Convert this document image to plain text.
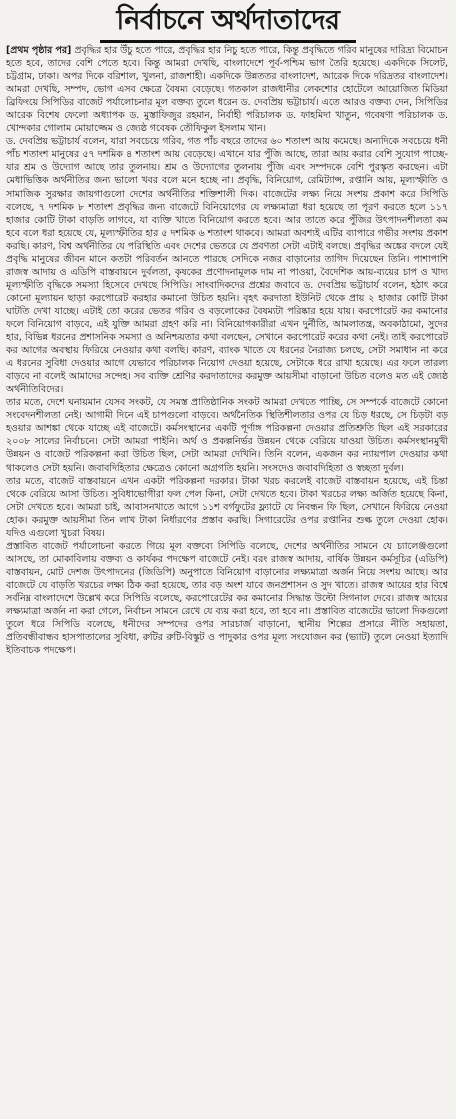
নির্বাচনে অর্থদাতাদের

[প্রথম পৃষ্ঠার পর] প্রবৃদ্ধির হার উঁচু হতে পারে, প্রবৃদ্ধির হার নিচু হতে পারে, কিন্তু প্রবৃদ্ধিতে গরিব মানুষের দারিদ্র্য বিমোচন হতে হবে, তাদের বেশি পেতে হবে। কিন্তু আমরা দেখছি, বাংলাদেশে পূর্ব-পশ্চিম ভাগ তৈরি হয়েছে। একদিকে সিলেট, চট্টগ্রাম, ঢাকা। অপর দিকে বরিশাল, খুলনা, রাজশাহী। একদিকে উন্নততর বাংলাদেশ, আরেক দিকে দরিদ্রতর বাংলাদেশ। আমরা দেখছি, সম্পদ, ভোগ এসব ক্ষেত্রে বৈষম্য বেড়েছে। গতকাল রাজধানীর লেকশোর হোটেলে আয়োজিত মিডিয়া ব্রিফিংয়ে সিপিডির বাজেট পর্যালোচনার মূল বক্তব্য তুলে ধরেন ড. দেবপ্রিয় ভট্টাচার্য। এতে আরও বক্তব্য দেন, সিপিডির আরেক বিশেষ ফেলো অধ্যাপক ড. মুস্তাফিজুর রহমান, নির্বাহী পরিচালক ড. ফাহমিদা খাতুন, গবেষণা পরিচালক ড. খোন্দকার গোলাম মোয়াজ্জেম ও জ্যেষ্ঠ গবেষক তৌফিকুল ইসলাম খান।

ড. দেবপ্রিয় ভট্টাচার্য বলেন, যারা সবচেয়ে গরিব, গত পাঁচ বছরে তাদের ৬০ শতাংশ আয় কমেছে। অন্যদিকে সবচেয়ে ধনী পাঁচ শতাংশ মানুষের ৫৭ দশমিক ৪ শতাংশ আয় বেড়েছে। এখানে যার পুঁজি আছে, তারা আয় করার বেশি সুযোগ পাচ্ছে- যার শ্রম ও উদ্যোগ আছে তার তুলনায়। শ্রম ও উদ্যোগের তুলনায় পুঁজি এবং সম্পদকে বেশি পুরস্কৃত করছেন। এটা মেধাভিত্তিক অর্থনীতির জন্য ভালো খবর বলে মনে হচ্ছে না। প্রবৃদ্ধি, বিনিয়োগ, রেমিট্যান্স, রপ্তানি আয়, মূল্যস্ফীতি ও সামাজিক সুরক্ষার জায়গাগুলো দেশের অর্থনীতির শক্তিশালী দিক। বাজেটের লক্ষ্য নিয়ে সংশয় প্রকাশ করে সিপিডি বলেছে, ৭ দশমিক ৮ শতাংশ প্রবৃদ্ধির জন্য বাজেটে বিনিয়োগের যে লক্ষ্যমাত্রা ধরা হয়েছে তা পূরণ করতে হলে ১১৭ হাজার কোটি টাকা বাড়তি লাগবে, যা ব্যক্তি খাতে বিনিয়োগ করতে হবে। আর তাতে করে পুঁজির উৎপাদনশীলতা কম হবে বলে ধরা হয়েছে যে, মূল্যস্ফীতির হার ৫ দশমিক ৬ শতাংশ থাকবে। আমরা অবশ্যই এটির ব্যাপারে গভীর সংশয় প্রকাশ করছি। কারণ, বিশ্ব অর্থনীতির যে পরিস্থিতি এবং দেশের ভেতরে যে প্রবণতা সেটা এটাই বলছে। প্রবৃদ্ধির অঙ্কের বদলে যেই প্রবৃদ্ধি মানুষের জীবন মানে কতটা পরিবর্তন আনতে পারছে সেদিকে নজর বাড়ানোর তাগিদ দিয়েছেন তিনি। পাশাপাশি রাজস্ব আদায় ও এডিপি বাস্তবায়নে দুর্বলতা, কৃষকের প্রণোদনামূলক দাম না পাওয়া, বৈদেশিক আয়-ব্যয়ের চাপ ও খাদ্য মূল্যস্ফীতি বৃদ্ধিকে সমস্যা হিসেবে দেখছে সিপিডি। সাংবাদিকদের প্রশ্নের জবাবে ড. দেবপ্রিয় ভট্টাচার্য বলেন, হঠাৎ করে কোনো মূল্যায়ন ছাড়া করপোরেট করহার কমানো উচিত হয়নি। বৃহৎ করদাতা ইউনিট থেকে প্রায় ২ হাজার কোটি টাকা ঘাটতি দেখা যাচ্ছে। এটাই তো করের ভেতর গরিব ও বড়লোকের বৈষম্যটা পরিষ্কার হয়ে যায়। করপোরেট কর কমানোর ফলে বিনিয়োগ বাড়বে, এই যুক্তি আমরা গ্রহণ করি না। বিনিয়োগকারীরা এখন দুর্নীতি, আমলাতন্ত্র, অবকাঠামো, সুদের হার, বিভিন্ন ধরনের প্রশাসনিক সমস্যা ও অনিশ্চয়তার কথা বলছেন, সেখানে করপোরেট করের কথা নেই। তাই করপোরেট কর আগের অবস্থায় ফিরিয়ে নেওয়ার কথা বলছি। কারণ, ব্যাংক খাতে যে ধরনের নৈরাজ্য চলছে, সেটা সমাধান না করে এ ধরনের সুবিধা দেওয়ার আগে যেভাবে পরিচালক নিয়োগ দেওয়া হয়েছে, সেটাকে ধরে রাখা হয়েছে। এর ফলে তারল্য বাড়বে না বলেই আমাদের সন্দেহ। সব ব্যক্তি শ্রেণির করদাতাদের করমুক্ত আয়সীমা বাড়ানো উচিত বলেও মত এই জ্যেষ্ঠ অর্থনীতিবিদের।

তার মতে, দেশে ঘনায়মান যেসব সংকট, যে সমস্ত প্রাতিষ্ঠানিক সংকট আমরা দেখতে পাচ্ছি, সে সম্পর্কে বাজেটে কোনো সংবেদনশীলতা নেই। আগামী দিনে এই চাপগুলো বাড়বে। অর্থনৈতিক স্থিতিশীলতার ওপর যে চিড় ধরছে, সে চিড়টা বড় হওয়ার আশঙ্কা থেকে যাচ্ছে এই বাজেটে। কর্মসংস্থানের একটি পূর্ণাঙ্গ পরিকল্পনা দেওয়ার প্রতিশ্রুতি ছিল এই সরকারের ২০০৮ সালের নির্বাচনে। সেটা আমরা পাইনি। অর্থ ও প্রকল্পনির্ভর উন্নয়ন থেকে বেরিয়ে যাওয়া উচিত। কর্মসংস্থানমুখী উন্নয়ন ও বাজেট পরিকল্পনা করা উচিত ছিল, সেটা আমরা দেখিনি। তিনি বলেন, একজন কর ন্যায়পাল দেওয়ার কথা থাকলেও সেটা হয়নি। জবাবদিহিতার ক্ষেত্রেও কোনো অগ্রগতি হয়নি। সংসদেও জবাবদিহিতা ও স্বচ্ছতা দুর্বল।

তার মতে, বাজেট বাস্তবায়নে এখন একটা পরিকল্পনা দরকার। টাকা খরচ করলেই বাজেট বাস্তবায়ন হয়েছে, এই চিন্তা থেকে বেরিয়ে আসা উচিত। সুবিধাভোগীরা ফল পেল কিনা, সেটা দেখতে হবে। টাকা খরচের লক্ষ্য অর্জিত হয়েছে কিনা, সেটা দেখতে হবে। আমরা চাই, আবাসনখাতে আগে ১১শ বর্গফুটের ফ্ল্যাটে যে নিবন্ধন ফি ছিল, সেখানে ফিরিয়ে নেওয়া হোক। করমুক্ত আয়সীমা তিন লাখ টাকা নির্ধারণের প্রস্তাব করছি। সিগারেটের ওপর রপ্তানির শুল্ক তুলে দেওয়া হোক। যদিও এগুলো খুচরা বিষয়।

প্রস্তাবিত বাজেট পর্যালোচনা করতে গিয়ে মূল বক্তব্যে সিপিডি বলেছে, দেশের অর্থনীতির সামনে যে চ্যালেঞ্জগুলো আসছে, তা মোকাবিলায় বক্তব্য ও কার্যকর পদক্ষেপ বাজেটে নেই। বরং রাজস্ব আদায়, বার্ষিক উন্নয়ন কর্মসূচির (এডিপি) বাস্তবায়ন, মোট দেশজ উৎপাদনের (জিডিপি) অনুপাতে বিনিয়োগ বাড়ানোর লক্ষ্যমাত্রা অর্জন নিয়ে সংশয় আছে। আর বাজেটে যে বাড়তি খরচের লক্ষ্য ঠিক করা হয়েছে, তার বড় অংশ যাবে জনপ্রশাসন ও সুদ খাতে। রাজস্ব আয়ের হার বিশ্বে সর্বনিম্ন বাংলাদেশে উল্লেখ করে সিপিডি বলেছে, করপোরেটের কর কমানোর সিদ্ধান্ত উল্টো সিগনাল দেবে। রাজস্ব আয়ের লক্ষ্যমাত্রা অর্জন না করা গেলে, নির্বাচন সামনে রেখে যে ব্যয় করা হবে, তা হবে না। প্রস্তাবিত বাজেটের ভালো দিকগুলো তুলে ধরে সিপিডি বলেছে, ধনীদের সম্পদের ওপর সারচার্জ বাড়ানো, স্থানীয় শিল্পের প্রসারে নীতি সহায়তা, প্রতিবন্ধীবান্ধব হাসপাতালের সুবিধা, রুটির রুটি-বিস্কুট ও পাদুকার ওপর মূল্য সংযোজন কর (ভ্যাট) তুলে নেওয়া ইত্যাদি ইতিবাচক পদক্ষেপ।
